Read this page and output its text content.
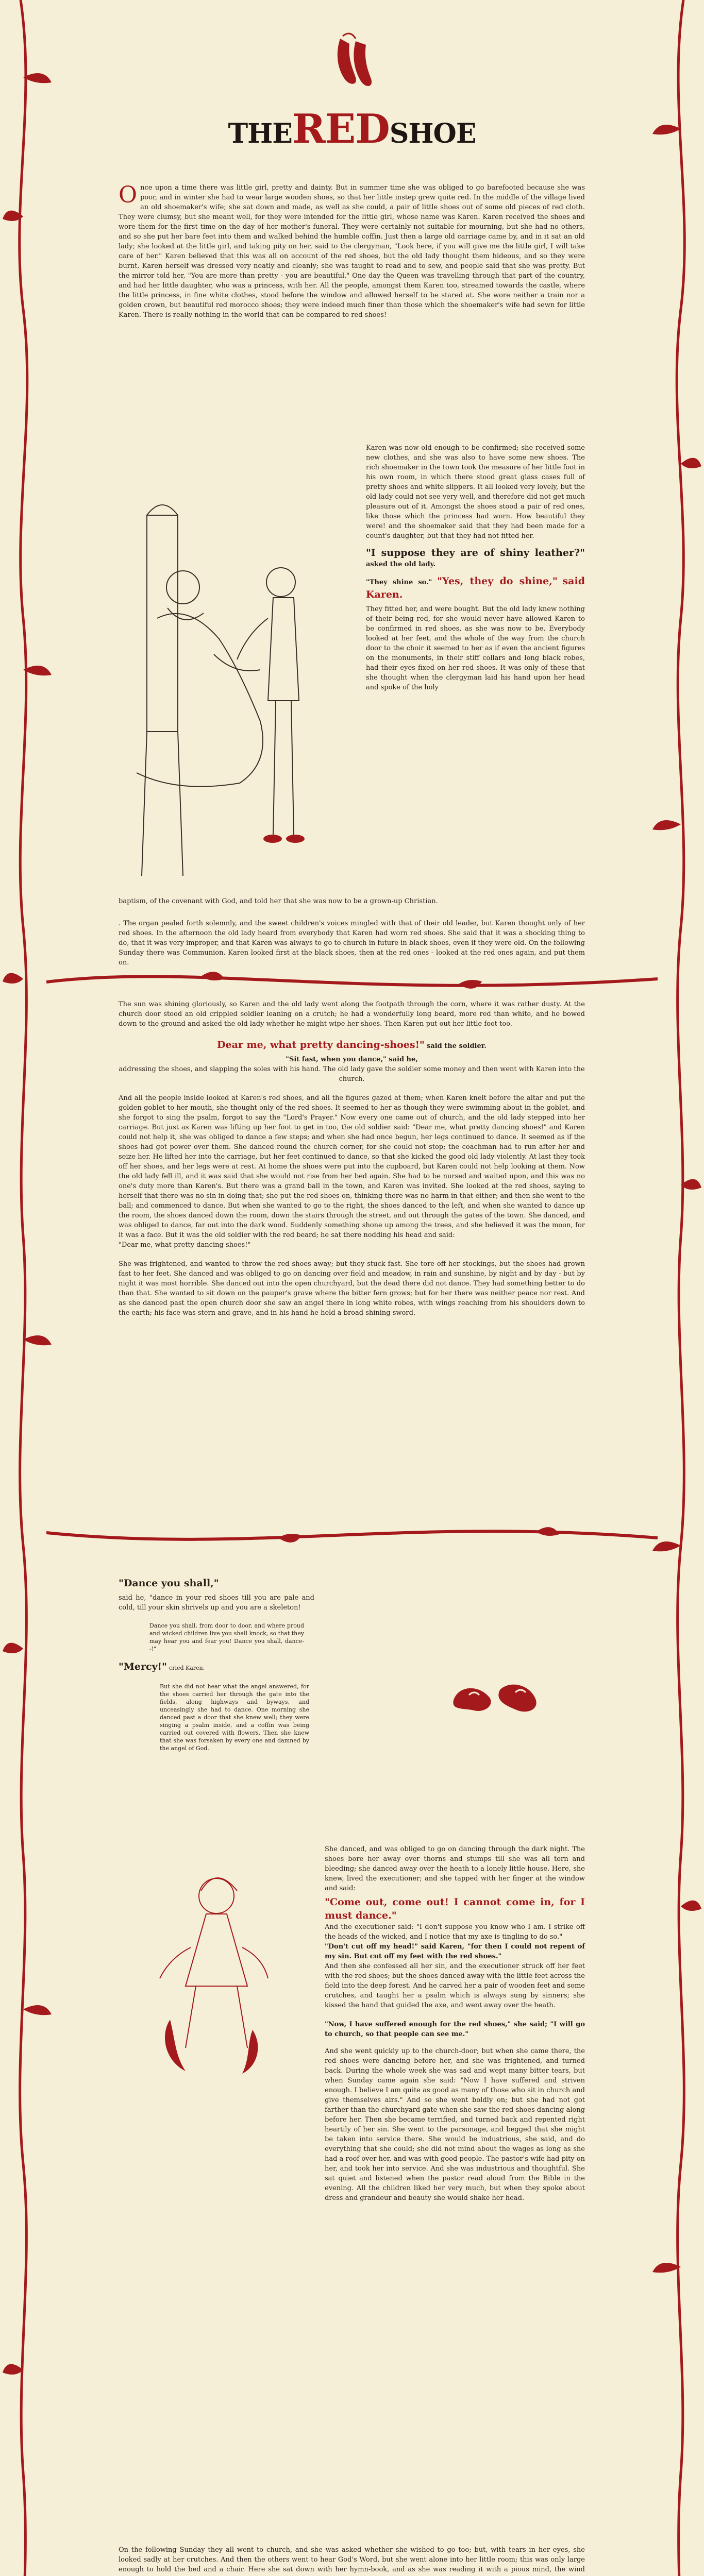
THEREDSHOE
O nce upon a time there was little girl, pretty and dainty. But in summer time she was obliged to go barefooted because she was poor, and in winter she had to wear large wooden shoes, so that her little instep grew quite red. In the middle of the village lived an old shoemaker's wife; she sat down and made, as well as she could, a pair of little shoes out of some old pieces of red cloth. They were clumsy, but she meant well, for they were intended for the little girl, whose name was Karen. Karen received the shoes and wore them for the first time on the day of her mother's funeral. They were certainly not suitable for mourning, but she had no others, and so she put her bare feet into them and walked behind the humble coffin. Just then a large old carriage came by, and in it sat an old lady; she looked at the little girl, and taking pity on her, said to the clergyman, "Look here, if you will give me the little girl, I will take care of her." Karen believed that this was all on account of the red shoes, but the old lady thought them hideous, and so they were burnt. Karen herself was dressed very neatly and cleanly; she was taught to read and to sew, and people said that she was pretty. But the mirror told her, "You are more than pretty - you are beautiful." One day the Queen was travelling through that part of the country, and had her little daughter, who was a princess, with her. All the people, amongst them Karen too, streamed towards the castle, where the little princess, in fine white clothes, stood before the window and allowed herself to be stared at. She wore neither a train nor a golden crown, but beautiful red morocco shoes; they were indeed much finer than those which the shoemaker's wife had sewn for little Karen. There is really nothing in the world that can be compared to red shoes!

Karen was now old enough to be confirmed; she received some new clothes, and she was also to have some new shoes. The rich shoemaker in the town took the measure of her little foot in his own room, in which there stood great glass cases full of pretty shoes and white slippers. It all looked very lovely, but the old lady could not see very well, and therefore did not get much pleasure out of it. Amongst the shoes stood a pair of red ones, like those which the princess had worn. How beautiful they were! and the shoemaker said that they had been made for a count's daughter, but that they had not fitted her.

"I suppose they are of shiny leather?" asked the old lady.

"They shine so." "Yes, they do shine," said Karen.

They fitted her, and were bought. But the old lady knew nothing of their being red, for she would never have allowed Karen to be confirmed in red shoes, as she was now to be. Everybody looked at her feet, and the whole of the way from the church door to the choir it seemed to her as if even the ancient figures on the monuments, in their stiff collars and long black robes, had their eyes fixed on her red shoes. It was only of these that she thought when the clergyman laid his hand upon her head and spoke of the holy

baptism, of the covenant with God, and told her that she was now to be a grown-up Christian.

. The organ pealed forth solemnly, and the sweet children's voices mingled with that of their old leader, but Karen thought only of her red shoes. In the afternoon the old lady heard from everybody that Karen had worn red shoes. She said that it was a shocking thing to do, that it was very improper, and that Karen was always to go to church in future in black shoes, even if they were old. On the following Sunday there was Communion. Karen looked first at the black shoes, then at the red ones - looked at the red ones again, and put them on.

The sun was shining gloriously, so Karen and the old lady went along the footpath through the corn, where it was rather dusty. At the church door stood an old crippled soldier leaning on a crutch; he had a wonderfully long beard, more red than white, and he bowed down to the ground and asked the old lady whether he might wipe her shoes. Then Karen put out her little foot too.

Dear me, what pretty dancing-shoes!" said the soldier.

"Sit fast, when you dance," said he,

addressing the shoes, and slapping the soles with his hand. The old lady gave the soldier some money and then went with Karen into the church.

And all the people inside looked at Karen's red shoes, and all the figures gazed at them; when Karen knelt before the altar and put the golden goblet to her mouth, she thought only of the red shoes. It seemed to her as though they were swimming about in the goblet, and she forgot to sing the psalm, forgot to say the "Lord's Prayer." Now every one came out of church, and the old lady stepped into her carriage. But just as Karen was lifting up her foot to get in too, the old soldier said: "Dear me, what pretty dancing shoes!" and Karen could not help it, she was obliged to dance a few steps; and when she had once begun, her legs continued to dance. It seemed as if the shoes had got power over them. She danced round the church corner, for she could not stop; the coachman had to run after her and seize her. He lifted her into the carriage, but her feet continued to dance, so that she kicked the good old lady violently. At last they took off her shoes, and her legs were at rest. At home the shoes were put into the cupboard, but Karen could not help looking at them. Now the old lady fell ill, and it was said that she would not rise from her bed again. She had to be nursed and waited upon, and this was no one's duty more than Karen's. But there was a grand ball in the town, and Karen was invited. She looked at the red shoes, saying to herself that there was no sin in doing that; she put the red shoes on, thinking there was no harm in that either; and then she went to the ball; and commenced to dance. But when she wanted to go to the right, the shoes danced to the left, and when she wanted to dance up the room, the shoes danced down the room, down the stairs through the street, and out through the gates of the town. She danced, and was obliged to dance, far out into the dark wood. Suddenly something shone up among the trees, and she believed it was the moon, for it was a face. But it was the old soldier with the red beard; he sat there nodding his head and said:

"Dear me, what pretty dancing shoes!"

She was frightened, and wanted to throw the red shoes away; but they stuck fast. She tore off her stockings, but the shoes had grown fast to her feet. She danced and was obliged to go on dancing over field and meadow, in rain and sunshine, by night and by day - but by night it was most horrible. She danced out into the open churchyard, but the dead there did not dance. They had something better to do than that. She wanted to sit down on the pauper's grave where the bitter fern grows; but for her there was neither peace nor rest. And as she danced past the open church door she saw an angel there in long white robes, with wings reaching from his shoulders down to the earth; his face was stern and grave, and in his hand he held a broad shining sword.

"Dance you shall,"

said he, "dance in your red shoes till you are pale and cold, till your skin shrivels up and you are a skeleton!

Dance you shall, from door to door, and where proud and wicked children live you shall knock, so that they may hear you and fear you! Dance you shall, dance--!"

"Mercy!" cried Karen.

But she did not hear what the angel answered, for the shoes carried her through the gate into the fields, along highways and byways, and unceasingly she had to dance. One morning she danced past a door that she knew well; they were singing a psalm inside, and a coffin was being carried out covered with flowers. Then she knew that she was forsaken by every one and damned by the angel of God.

She danced, and was obliged to go on dancing through the dark night. The shoes bore her away over thorns and stumps till she was all torn and bleeding; she danced away over the heath to a lonely little house. Here, she knew, lived the executioner; and she tapped with her finger at the window and said:

"Come out, come out! I cannot come in, for I must dance."

And the executioner said: "I don't suppose you know who I am. I strike off the heads of the wicked, and I notice that my axe is tingling to do so."

"Don't cut off my head!" said Karen, "for then I could not repent of my sin. But cut off my feet with the red shoes."

And then she confessed all her sin, and the executioner struck off her feet with the red shoes; but the shoes danced away with the little feet across the field into the deep forest. And he carved her a pair of wooden feet and some crutches, and taught her a psalm which is always sung by sinners; she kissed the hand that guided the axe, and went away over the heath.

"Now, I have suffered enough for the red shoes," she said; "I will go to church, so that people can see me."

And she went quickly up to the church-door; but when she came there, the red shoes were dancing before her, and she was frightened, and turned back. During the whole week she was sad and wept many bitter tears, but when Sunday came again she said: "Now I have suffered and striven enough. I believe I am quite as good as many of those who sit in church and give themselves airs." And so she went boldly on; but she had not got farther than the churchyard gate when she saw the red shoes dancing along before her. Then she became terrified, and turned back and repented right heartily of her sin. She went to the parsonage, and begged that she might be taken into service there. She would be industrious, she said, and do everything that she could; she did not mind about the wages as long as she had a roof over her, and was with good people. The pastor's wife had pity on her, and took her into service. And she was industrious and thoughtful. She sat quiet and listened when the pastor read aloud from the Bible in the evening. All the children liked her very much, but when they spoke about dress and grandeur and beauty she would shake her head.

On the following Sunday they all went to church, and she was asked whether she wished to go too; but, with tears in her eyes, she looked sadly at her crutches. And then the others went to hear God's Word, but she went alone into her little room; this was only large enough to hold the bed and a chair. Here she sat down with her hymn-book, and as she was reading it with a pious mind, the wind
